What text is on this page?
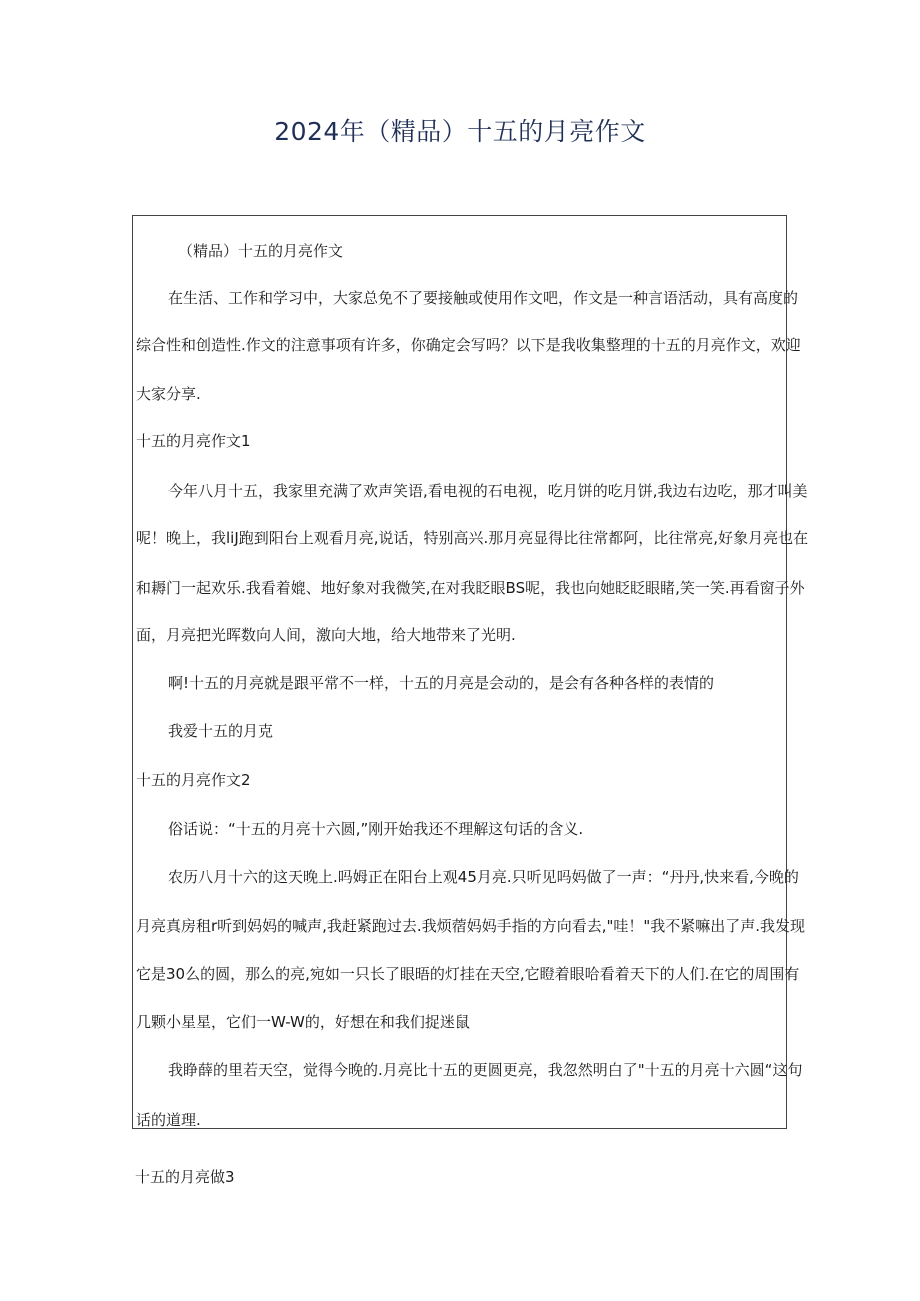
2024年（精品）十五的月亮作文
（精品）十五的月亮作文
在生活、工作和学习中，大家总免不了要接触或使用作文吧，作文是一种言语活动，具有高度的
综合性和创造性.作文的注意事项有许多，你确定会写吗？以下是我收集整理的十五的月亮作文，欢迎
大家分享.
十五的月亮作文1
今年八月十五，我家里充满了欢声笑语,看电视的石电视，吃月饼的吃月饼,我边右边吃，那才叫美
呢！晚上，我liJ跑到阳台上观看月亮,说话，特别高兴.那月亮显得比往常都阿，比往常亮,好象月亮也在
和耨门一起欢乐.我看着媲、地好象对我微笑,在对我眨眼BS呢，我也向她眨眨眼睹,笑一笑.再看窗子外
面，月亮把光晖数向人间，激向大地，给大地带来了光明.
啊!十五的月亮就是跟平常不一样，十五的月亮是会动的，是会有各种各样的表情的
我爱十五的月克
十五的月亮作文2
俗话说：“十五的月亮十六圆,”刚开始我还不理解这句话的含义.
农历八月十六的这天晚上.吗姆正在阳台上观45月亮.只听见吗妈做了一声：“丹丹,快来看,今晚的
月亮真房租r听到妈妈的喊声,我赶紧跑过去.我烦蓿妈妈手指的方向看去,"哇！"我不紧嘛出了声.我发现
它是30么的圆，那么的亮,宛如一只长了眼晤的灯挂在天空,它瞪着眼哈看着天下的人们.在它的周围有
几颗小星星，它们一W-W的，好想在和我们捉迷鼠
我睁薛的里若天空，觉得今晚的.月亮比十五的更圆更亮，我忽然明白了"十五的月亮十六圆“这句
话的道理.
十五的月亮做3
